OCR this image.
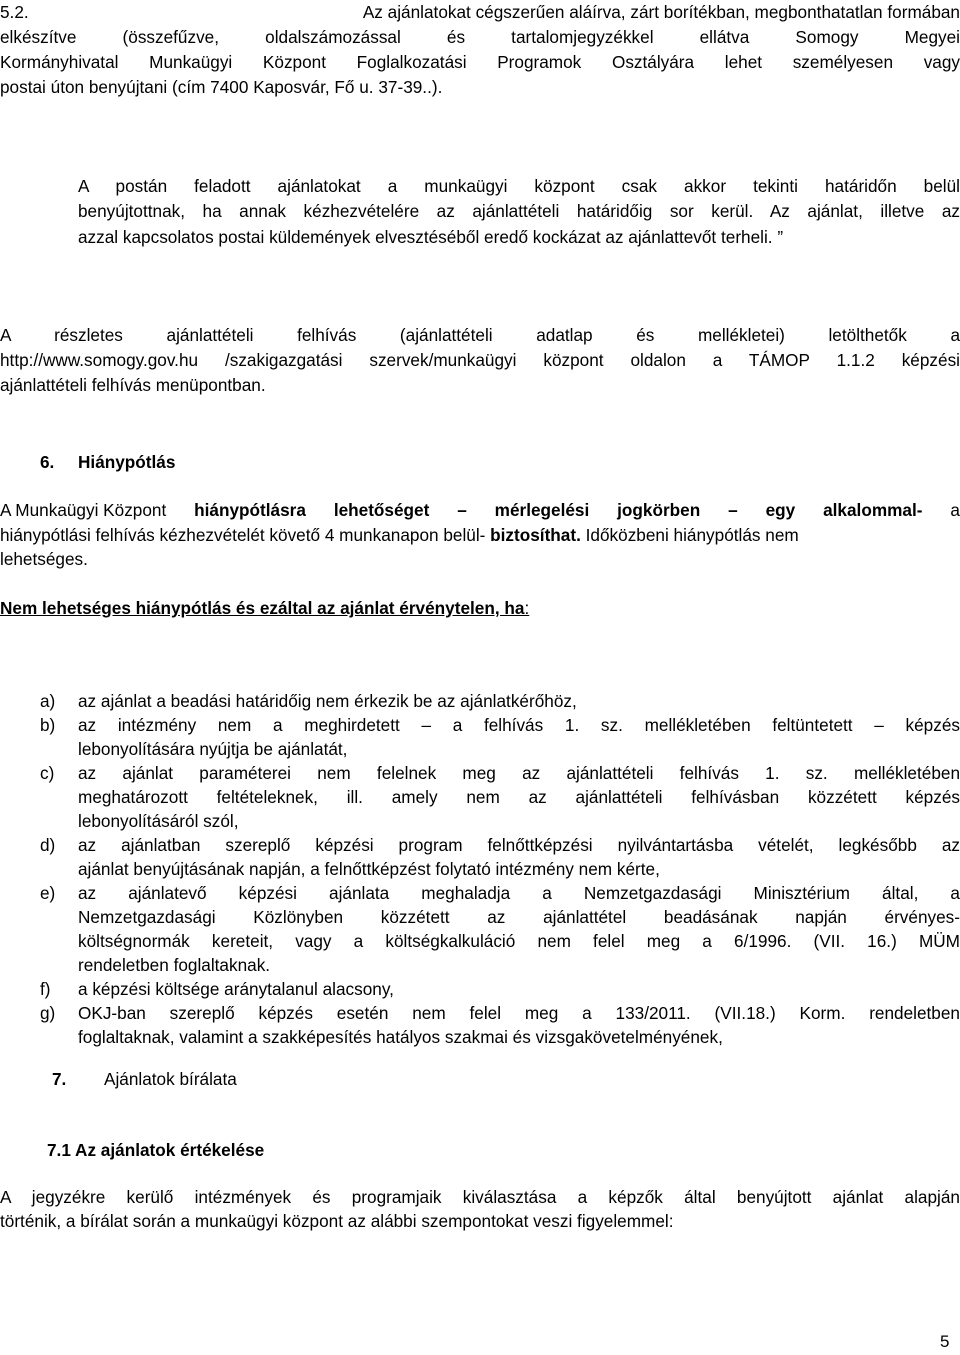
5.2.	Az ajánlatokat cégszerűen aláírva, zárt borítékban, megbonthatatlan formában
elkészítve (összefűzve, oldalszámozással és tartalomjegyzékkel ellátva Somogy Megyei
Kormányhivatal Munkaügyi Központ Foglalkozatási Programok Osztályára lehet személyesen vagy
postai úton benyújtani (cím 7400 Kaposvár, Fő u. 37-39..).
A postán feladott ajánlatokat a munkaügyi központ csak akkor tekinti határidőn belül
benyújtottnak, ha annak kézhezvételére az ajánlattételi határidőig sor kerül. Az ajánlat, illetve az
azzal kapcsolatos postai küldemények elvesztéséből eredő kockázat az ajánlattevőt terheli. ”
A részletes ajánlattételi felhívás (ajánlattételi adatlap és mellékletei) letölthetők a
http://www.somogy.gov.hu /szakigazgatási szervek/munkaügyi központ oldalon a TÁMOP 1.1.2 képzési
ajánlattételi felhívás menüpontban.
6. Hiánypótlás
A Munkaügyi Központ hiánypótlásra lehetőséget – mérlegelési jogkörben – egy alkalommal- a
hiánypótlási felhívás kézhezvételét követő 4 munkanapon belül- biztosíthat. Időközbeni hiánypótlás nem
lehetséges.
Nem lehetséges hiánypótlás és ezáltal az ajánlat érvénytelen, ha:
a) az ajánlat a beadási határidőig nem érkezik be az ajánlatkérőhöz,
b) az intézmény nem a meghirdetett – a felhívás 1. sz. mellékletében feltüntetett – képzés
lebonyolítására nyújtja be ajánlatát,
c) az ajánlat paraméterei nem felelnek meg az ajánlattételi felhívás 1. sz. mellékletében
meghatározott feltételeknek, ill. amely nem az ajánlattételi felhívásban közzétett képzés
lebonyolításáról szól,
d) az ajánlatban szereplő képzési program felnőttképzési nyilvántartásba vételét, legkésőbb az
ajánlat benyújtásának napján, a felnőttképzést folytató intézmény nem kérte,
e) az ajánlatevő képzési ajánlata meghaladja a Nemzetgazdasági Minisztérium által, a
Nemzetgazdasági Közlönyben közzétett az ajánlattétel beadásának napján érvényes-
költségnormák kereteit, vagy a költségkalkuláció nem felel meg a 6/1996. (VII. 16.) MÜM
rendeletben foglaltaknak.
f) a képzési költsége aránytalanul alacsony,
g) OKJ-ban szereplő képzés esetén nem felel meg a 133/2011. (VII.18.) Korm. rendeletben
foglaltaknak, valamint a szakképesítés hatályos szakmai és vizsgakövetelményének,
7. Ajánlatok bírálata
7.1 Az ajánlatok értékelése
A jegyzékre kerülő intézmények és programjaik kiválasztása a képzők által benyújtott ajánlat alapján
történik, a bírálat során a munkaügyi központ az alábbi szempontokat veszi figyelemmel:
5
